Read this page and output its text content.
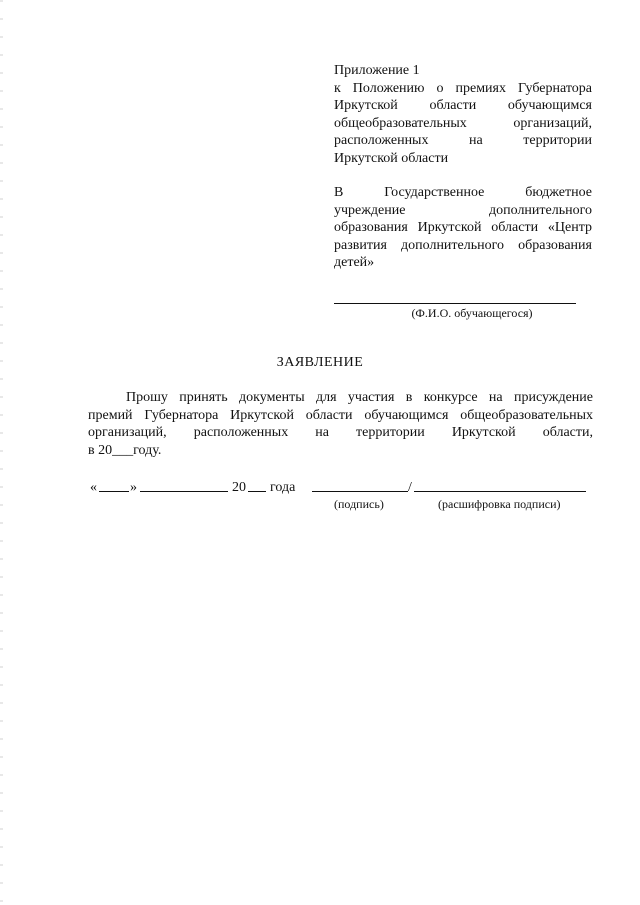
Приложение 1
к Положению о премиях Губернатора
Иркутской области обучающимся
общеобразовательных организаций,
расположенных на территории
Иркутской области
В Государственное бюджетное
учреждение дополнительного
образования Иркутской области «Центр
развития дополнительного образования
детей»
(Ф.И.О. обучающегося)
ЗАЯВЛЕНИЕ
Прошу принять документы для участия в конкурсе на присуждение
премий Губернатора Иркутской области обучающимся общеобразовательных
организаций, расположенных на территории Иркутской области,
в 20___году.
« »	20 года	/
(подпись)	(расшифровка подписи)
